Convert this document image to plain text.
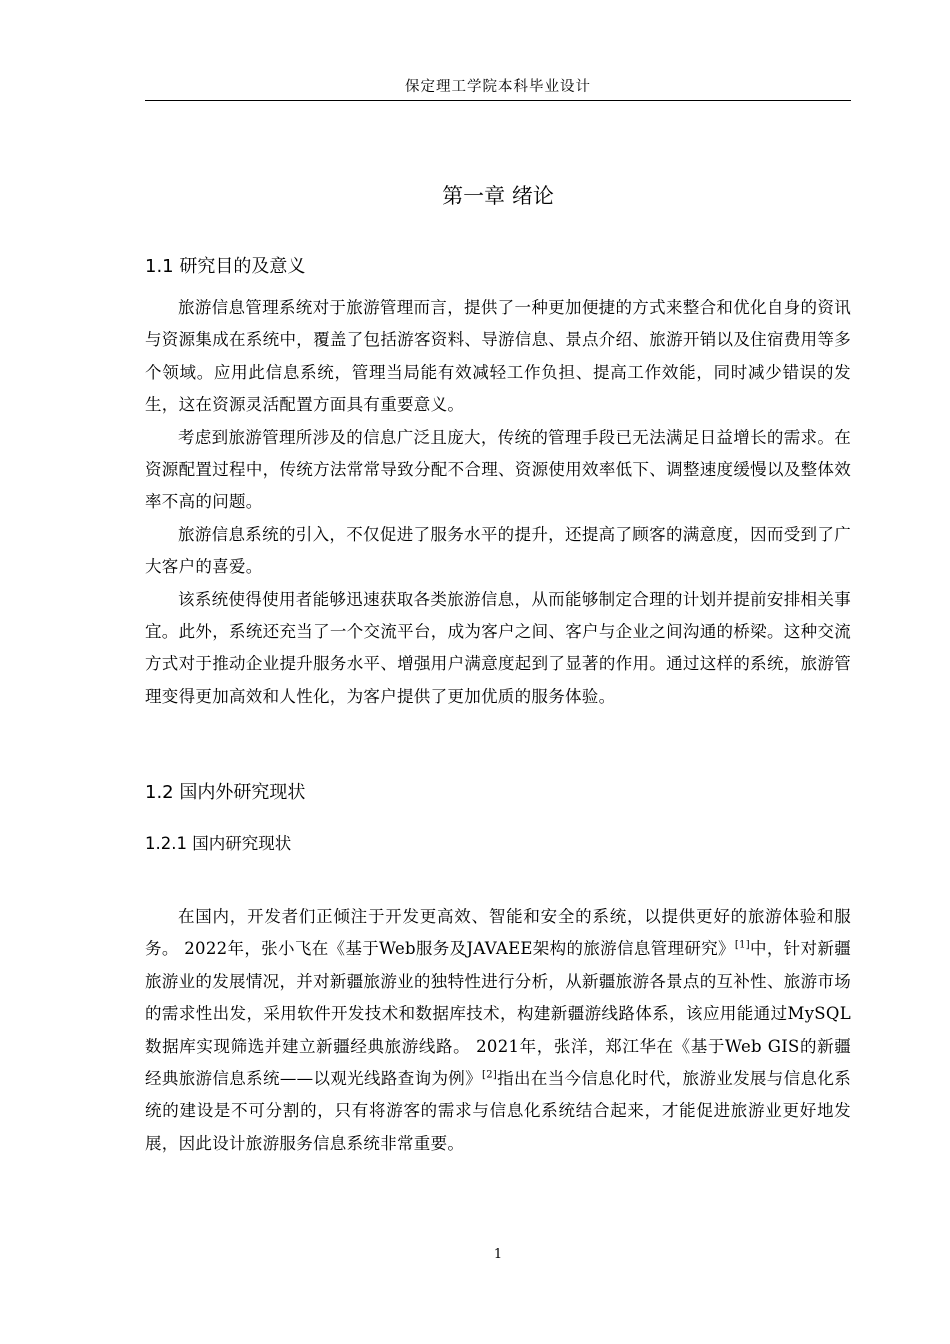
保定理工学院本科毕业设计
第一章 绪论
1.1 研究目的及意义

旅游信息管理系统对于旅游管理而言，提供了一种更加便捷的方式来整合和优化自身的资讯与资源集成在系统中，覆盖了包括游客资料、导游信息、景点介绍、旅游开销以及住宿费用等多个领域。应用此信息系统，管理当局能有效减轻工作负担、提高工作效能，同时减少错误的发生，这在资源灵活配置方面具有重要意义。

考虑到旅游管理所涉及的信息广泛且庞大，传统的管理手段已无法满足日益增长的需求。在资源配置过程中，传统方法常常导致分配不合理、资源使用效率低下、调整速度缓慢以及整体效率不高的问题。

旅游信息系统的引入，不仅促进了服务水平的提升，还提高了顾客的满意度，因而受到了广大客户的喜爱。

该系统使得使用者能够迅速获取各类旅游信息，从而能够制定合理的计划并提前安排相关事宜。此外，系统还充当了一个交流平台，成为客户之间、客户与企业之间沟通的桥梁。这种交流方式对于推动企业提升服务水平、增强用户满意度起到了显著的作用。通过这样的系统，旅游管理变得更加高效和人性化，为客户提供了更加优质的服务体验。

1.2 国内外研究现状
1.2.1 国内研究现状

在国内，开发者们正倾注于开发更高效、智能和安全的系统，以提供更好的旅游体验和服务。 2022年，张小飞在《基于Web服务及JAVAEE架构的旅游信息管理研究》[1]中，针对新疆旅游业的发展情况，并对新疆旅游业的独特性进行分析，从新疆旅游各景点的互补性、旅游市场的需求性出发，采用软件开发技术和数据库技术，构建新疆游线路体系，该应用能通过MySQL数据库实现筛选并建立新疆经典旅游线路。 2021年，张洋，郑江华在《基于Web GIS的新疆经典旅游信息系统——以观光线路查询为例》[2]指出在当今信息化时代，旅游业发展与信息化系统的建设是不可分割的，只有将游客的需求与信息化系统结合起来，才能促进旅游业更好地发展，因此设计旅游服务信息系统非常重要。

1
